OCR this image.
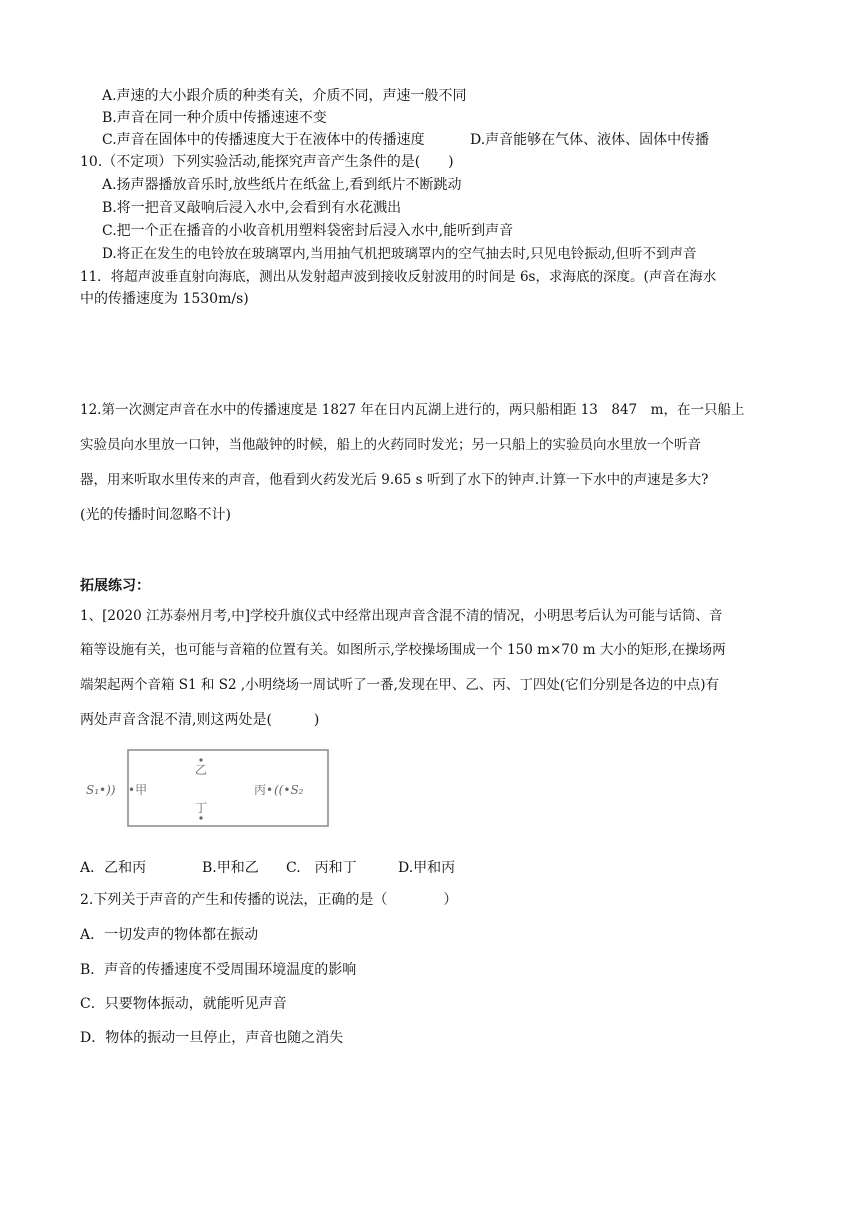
A.声速的大小跟介质的种类有关，介质不同，声速一般不同
B.声音在同一种介质中传播速速不变
C.声音在固体中的传播速度大于在液体中的传播速度	D.声音能够在气体、液体、固体中传播
10.（不定项）下列实验活动,能探究声音产生条件的是(　　)
A.扬声器播放音乐时,放些纸片在纸盆上,看到纸片不断跳动
B.将一把音叉敲响后浸入水中,会看到有水花溅出
C.把一个正在播音的小收音机用塑料袋密封后浸入水中,能听到声音
D.将正在发生的电铃放在玻璃罩内,当用抽气机把玻璃罩内的空气抽去时,只见电铃振动,但听不到声音
11．将超声波垂直射向海底，测出从发射超声波到接收反射波用的时间是 6s，求海底的深度。(声音在海水
中的传播速度为 1530m/s)
12.第一次测定声音在水中的传播速度是 1827 年在日内瓦湖上进行的，两只船相距 13　847　m，在一只船上
实验员向水里放一口钟，当他敲钟的时候，船上的火药同时发光；另一只船上的实验员向水里放一个听音
器，用来听取水里传来的声音，他看到火药发光后 9.65 s 听到了水下的钟声.计算一下水中的声速是多大?
(光的传播时间忽略不计)
拓展练习：
1、[2020 江苏泰州月考,中]学校升旗仪式中经常出现声音含混不清的情况，小明思考后认为可能与话筒、音
箱等设施有关，也可能与音箱的位置有关。如图所示,学校操场围成一个 150 m×70 m 大小的矩形,在操场两
端架起两个音箱 S1 和 S2 ,小明绕场一周试听了一番,发现在甲、乙、丙、丁四处(它们分别是各边的中点)有
两处声音含混不清,则这两处是(　　　)
S₁•)) •甲
乙
丙• ((•S₂
丁
A．乙和丙	B.甲和乙 C.　丙和丁	D.甲和丙
2.下列关于声音的产生和传播的说法，正确的是（　　　　）
A．一切发声的物体都在振动
B．声音的传播速度不受周围环境温度的影响
C．只要物体振动，就能听见声音
D．物体的振动一旦停止，声音也随之消失
